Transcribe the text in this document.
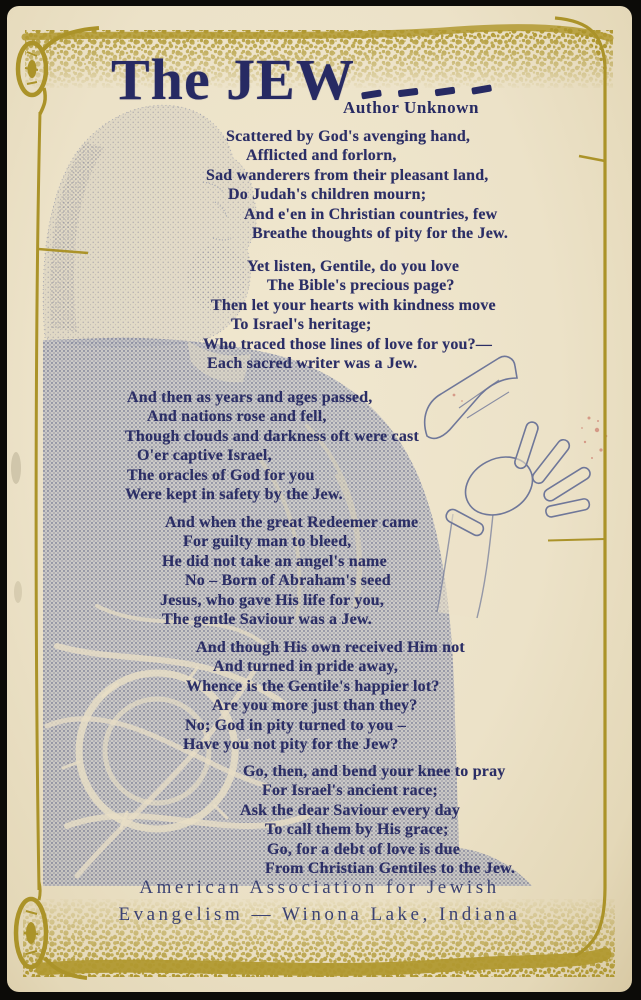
The JEW
Author Unknown
Scattered by God's avenging hand,
Afflicted and forlorn,
Sad wanderers from their pleasant land,
Do Judah's children mourn;
And e'en in Christian countries, few
Breathe thoughts of pity for the Jew.
Yet listen, Gentile, do you love
The Bible's precious page?
Then let your hearts with kindness move
To Israel's heritage;
Who traced those lines of love for you?—
Each sacred writer was a Jew.
And then as years and ages passed,
And nations rose and fell,
Though clouds and darkness oft were cast
O'er captive Israel,
The oracles of God for you
Were kept in safety by the Jew.
And when the great Redeemer came
For guilty man to bleed,
He did not take an angel's name
No – Born of Abraham's seed
Jesus, who gave His life for you,
The gentle Saviour was a Jew.
And though His own received Him not
And turned in pride away,
Whence is the Gentile's happier lot?
Are you more just than they?
No; God in pity turned to you –
Have you not pity for the Jew?
Go, then, and bend your knee to pray
For Israel's ancient race;
Ask the dear Saviour every day
To call them by His grace;
Go, for a debt of love is due
From Christian Gentiles to the Jew.
American Association for Jewish
Evangelism — Winona Lake, Indiana
